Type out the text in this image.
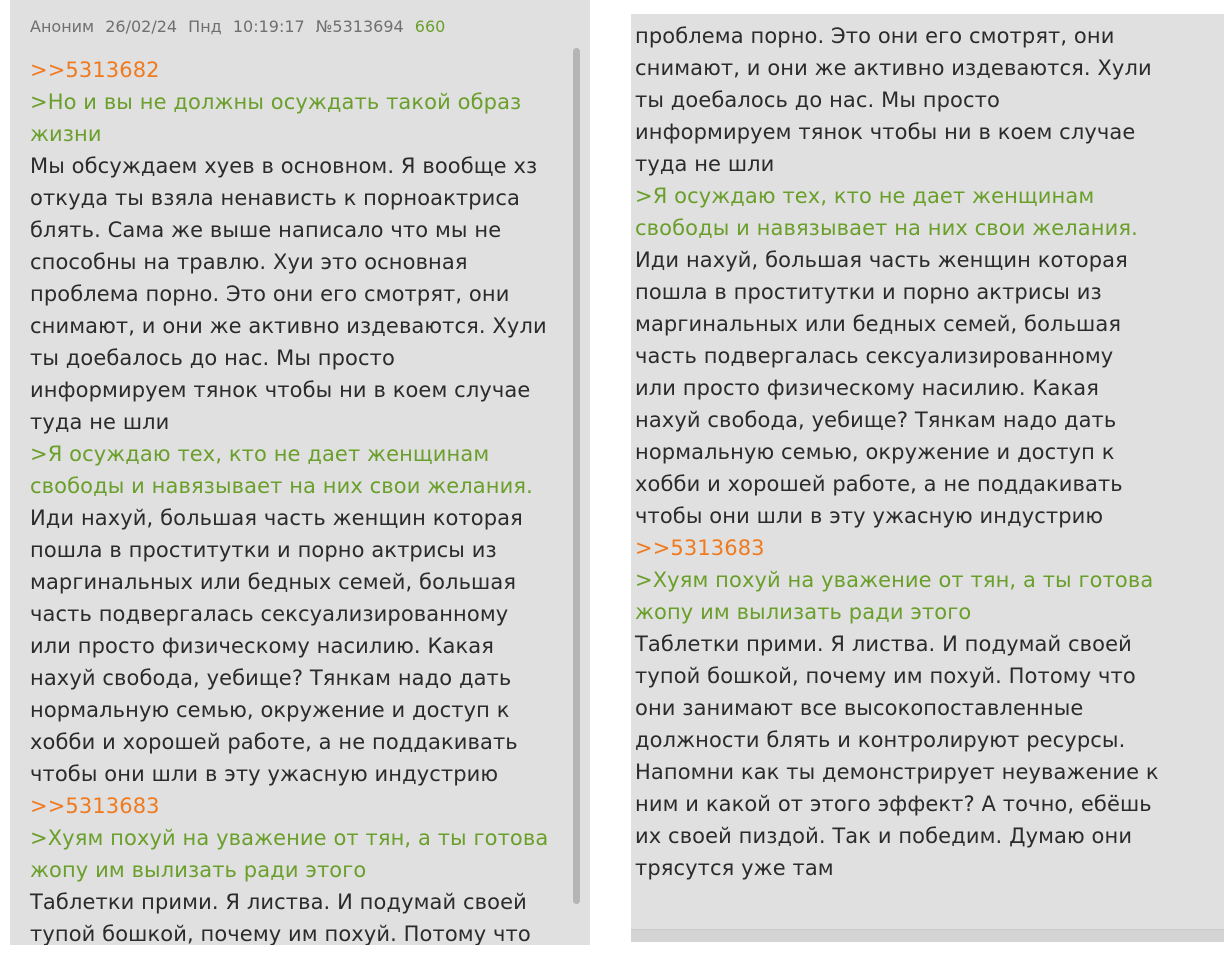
Аноним 26/02/24 Пнд 10:19:17 №5313694 660
>>5313682
>Но и вы не должны осуждать такой образ
жизни
Мы обсуждаем хуев в основном. Я вообще хз
откуда ты взяла ненависть к порноактриса
блять. Сама же выше написало что мы не
способны на травлю. Хуи это основная
проблема порно. Это они его смотрят, они
снимают, и они же активно издеваются. Хули
ты доебалось до нас. Мы просто
информируем тянок чтобы ни в коем случае
туда не шли
>Я осуждаю тех, кто не дает женщинам
свободы и навязывает на них свои желания.
Иди нахуй, большая часть женщин которая
пошла в проститутки и порно актрисы из
маргинальных или бедных семей, большая
часть подвергалась сексуализированному
или просто физическому насилию. Какая
нахуй свобода, уебище? Тянкам надо дать
нормальную семью, окружение и доступ к
хобби и хорошей работе, а не поддакивать
чтобы они шли в эту ужасную индустрию
>>5313683
>Хуям похуй на уважение от тян, а ты готова
жопу им вылизать ради этого
Таблетки прими. Я листва. И подумай своей
тупой бошкой, почему им похуй. Потому что
проблема порно. Это они его смотрят, они
снимают, и они же активно издеваются. Хули
ты доебалось до нас. Мы просто
информируем тянок чтобы ни в коем случае
туда не шли
>Я осуждаю тех, кто не дает женщинам
свободы и навязывает на них свои желания.
Иди нахуй, большая часть женщин которая
пошла в проститутки и порно актрисы из
маргинальных или бедных семей, большая
часть подвергалась сексуализированному
или просто физическому насилию. Какая
нахуй свобода, уебище? Тянкам надо дать
нормальную семью, окружение и доступ к
хобби и хорошей работе, а не поддакивать
чтобы они шли в эту ужасную индустрию
>>5313683
>Хуям похуй на уважение от тян, а ты готова
жопу им вылизать ради этого
Таблетки прими. Я листва. И подумай своей
тупой бошкой, почему им похуй. Потому что
они занимают все высокопоставленные
должности блять и контролируют ресурсы.
Напомни как ты демонстрирует неуважение к
ним и какой от этого эффект? А точно, ебёшь
их своей пиздой. Так и победим. Думаю они
трясутся уже там
